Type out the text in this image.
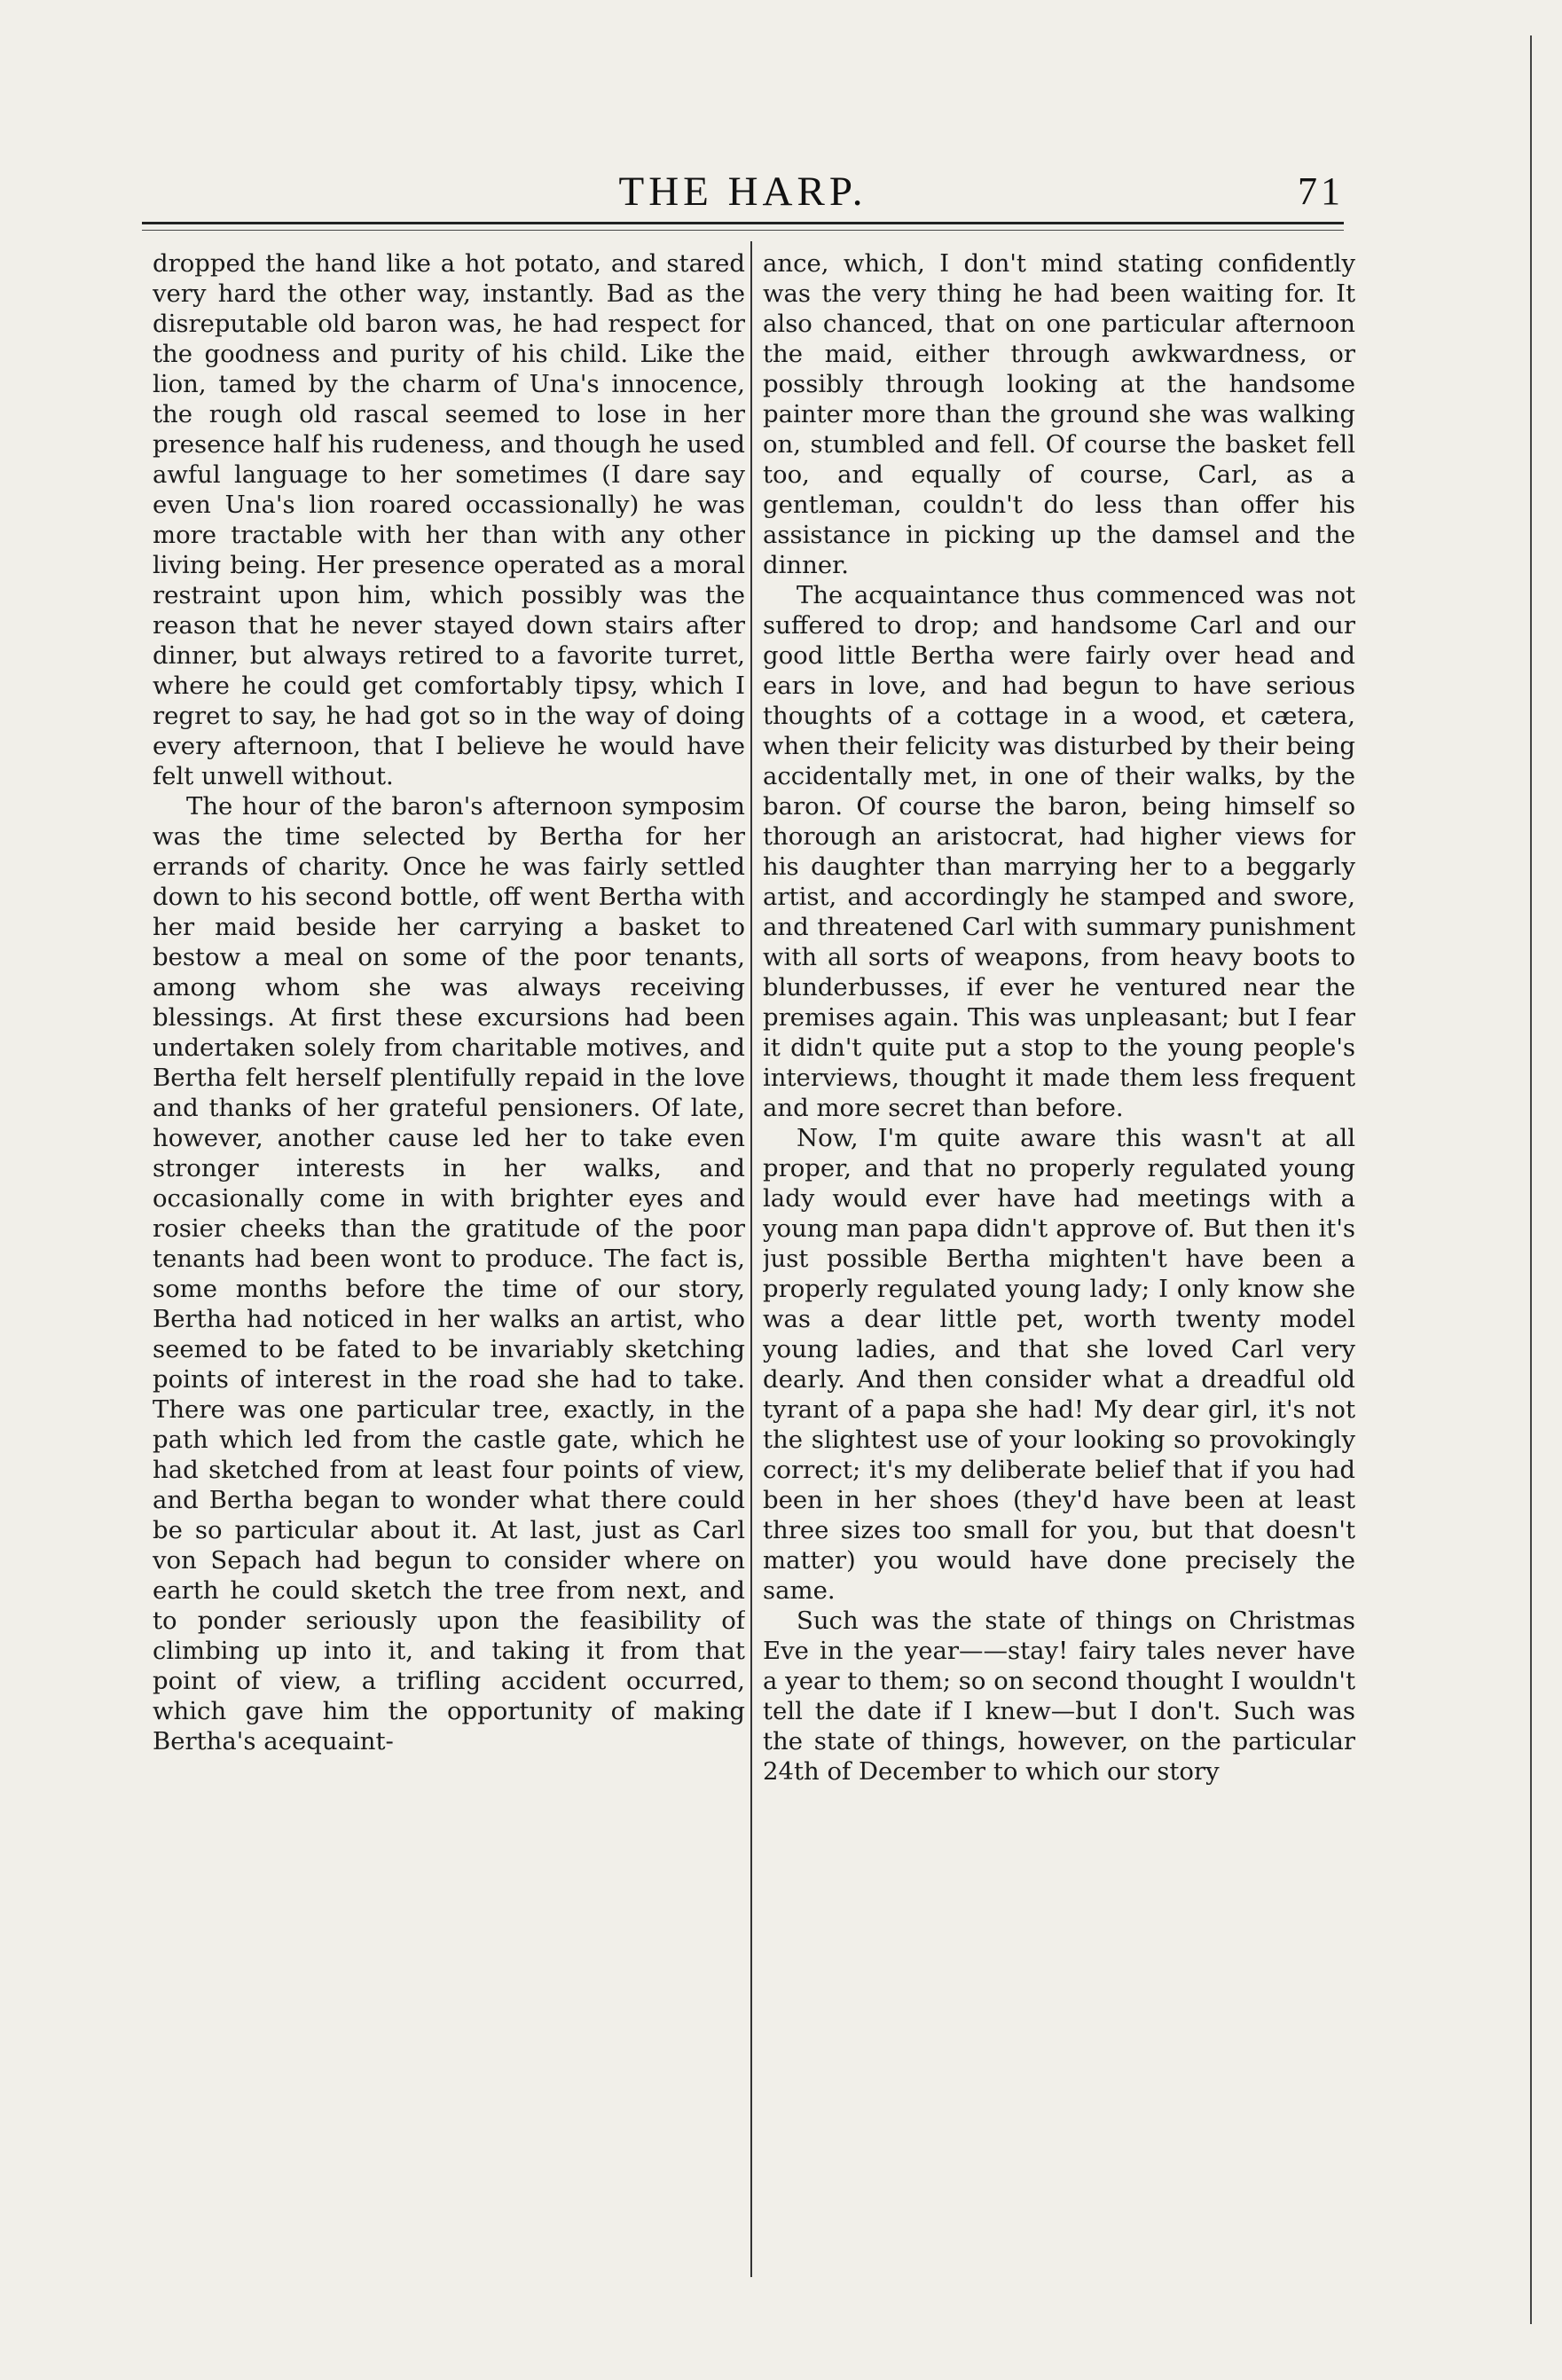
THE HARP.	71

dropped the hand like a hot potato, and stared very hard the other way, instantly. Bad as the disreputable old baron was, he had respect for the goodness and purity of his child. Like the lion, tamed by the charm of Una's innocence, the rough old rascal seemed to lose in her presence half his rudeness, and though he used awful language to her sometimes (I dare say even Una's lion roared occassionally) he was more tractable with her than with any other living being. Her presence operated as a moral restraint upon him, which possibly was the reason that he never stayed down stairs after dinner, but always retired to a favorite turret, where he could get comfortably tipsy, which I regret to say, he had got so in the way of doing every afternoon, that I believe he would have felt unwell without.

The hour of the baron's afternoon symposim was the time selected by Bertha for her errands of charity. Once he was fairly settled down to his second bottle, off went Bertha with her maid beside her carrying a basket to bestow a meal on some of the poor tenants, among whom she was always receiving blessings. At first these excursions had been undertaken solely from charitable motives, and Bertha felt herself plentifully repaid in the love and thanks of her grateful pensioners. Of late, however, another cause led her to take even stronger interests in her walks, and occasionally come in with brighter eyes and rosier cheeks than the gratitude of the poor tenants had been wont to produce. The fact is, some months before the time of our story, Bertha had noticed in her walks an artist, who seemed to be fated to be invariably sketching points of interest in the road she had to take. There was one particular tree, exactly, in the path which led from the castle gate, which he had sketched from at least four points of view, and Bertha began to wonder what there could be so particular about it. At last, just as Carl von Sepach had begun to consider where on earth he could sketch the tree from next, and to ponder seriously upon the feasibility of climbing up into it, and taking it from that point of view, a trifling accident occurred, which gave him the opportunity of making Bertha's acequaint-

ance, which, I don't mind stating confidently was the very thing he had been waiting for. It also chanced, that on one particular afternoon the maid, either through awkwardness, or possibly through looking at the handsome painter more than the ground she was walking on, stumbled and fell. Of course the basket fell too, and equally of course, Carl, as a gentleman, couldn't do less than offer his assistance in picking up the damsel and the dinner.

The acquaintance thus commenced was not suffered to drop; and handsome Carl and our good little Bertha were fairly over head and ears in love, and had begun to have serious thoughts of a cottage in a wood, et cætera, when their felicity was disturbed by their being accidentally met, in one of their walks, by the baron. Of course the baron, being himself so thorough an aristocrat, had higher views for his daughter than marrying her to a beggarly artist, and accordingly he stamped and swore, and threatened Carl with summary punishment with all sorts of weapons, from heavy boots to blunderbusses, if ever he ventured near the premises again. This was unpleasant; but I fear it didn't quite put a stop to the young people's interviews, thought it made them less frequent and more secret than before.

Now, I'm quite aware this wasn't at all proper, and that no properly regulated young lady would ever have had meetings with a young man papa didn't approve of. But then it's just possible Bertha mighten't have been a properly regulated young lady; I only know she was a dear little pet, worth twenty model young ladies, and that she loved Carl very dearly. And then consider what a dreadful old tyrant of a papa she had! My dear girl, it's not the slightest use of your looking so provokingly correct; it's my deliberate belief that if you had been in her shoes (they'd have been at least three sizes too small for you, but that doesn't matter) you would have done precisely the same.

Such was the state of things on Christmas Eve in the year——stay! fairy tales never have a year to them; so on second thought I wouldn't tell the date if I knew—but I don't. Such was the state of things, however, on the particular 24th of December to which our story
